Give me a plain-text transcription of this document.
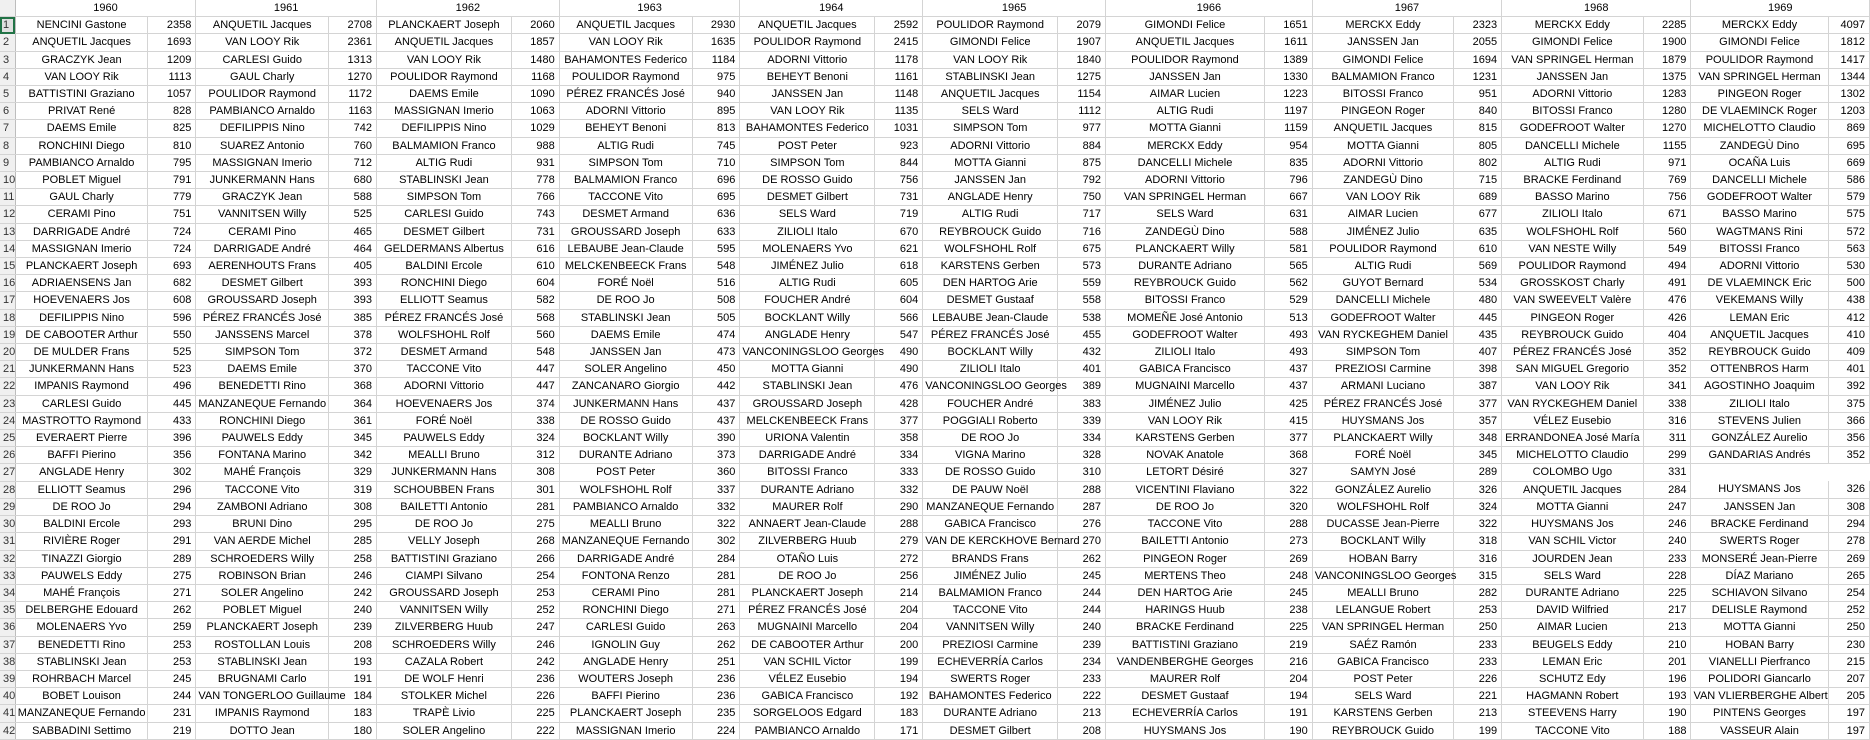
	1960		1961		1962		1963		1964		1965		1966		1967		1968		1969	
1	NENCINI Gastone	2358	ANQUETIL Jacques	2708	PLANCKAERT Joseph	2060	ANQUETIL Jacques	2930	ANQUETIL Jacques	2592	POULIDOR Raymond	2079	GIMONDI Felice	1651	MERCKX Eddy	2323	MERCKX Eddy	2285	MERCKX Eddy	4097
2	ANQUETIL Jacques	1693	VAN LOOY Rik	2361	ANQUETIL Jacques	1857	VAN LOOY Rik	1635	POULIDOR Raymond	2415	GIMONDI Felice	1907	ANQUETIL Jacques	1611	JANSSEN Jan	2055	GIMONDI Felice	1900	GIMONDI Felice	1812
3	GRACZYK Jean	1209	CARLESI Guido	1313	VAN LOOY Rik	1480	BAHAMONTES Federico	1184	ADORNI Vittorio	1178	VAN LOOY Rik	1840	POULIDOR Raymond	1389	GIMONDI Felice	1694	VAN SPRINGEL Herman	1879	POULIDOR Raymond	1417
4	VAN LOOY Rik	1113	GAUL Charly	1270	POULIDOR Raymond	1168	POULIDOR Raymond	975	BEHEYT Benoni	1161	STABLINSKI Jean	1275	JANSSEN Jan	1330	BALMAMION Franco	1231	JANSSEN Jan	1375	VAN SPRINGEL Herman	1344
5	BATTISTINI Graziano	1057	POULIDOR Raymond	1172	DAEMS Emile	1090	PÉREZ FRANCÉS José	940	JANSSEN Jan	1148	ANQUETIL Jacques	1154	AIMAR Lucien	1223	BITOSSI Franco	951	ADORNI Vittorio	1283	PINGEON Roger	1302
6	PRIVAT René	828	PAMBIANCO Arnaldo	1163	MASSIGNAN Imerio	1063	ADORNI Vittorio	895	VAN LOOY Rik	1135	SELS Ward	1112	ALTIG Rudi	1197	PINGEON Roger	840	BITOSSI Franco	1280	DE VLAEMINCK Roger	1203
7	DAEMS Emile	825	DEFILIPPIS Nino	742	DEFILIPPIS Nino	1029	BEHEYT Benoni	813	BAHAMONTES Federico	1031	SIMPSON Tom	977	MOTTA Gianni	1159	ANQUETIL Jacques	815	GODEFROOT Walter	1270	MICHELOTTO Claudio	869
8	RONCHINI Diego	810	SUAREZ Antonio	760	BALMAMION Franco	988	ALTIG Rudi	745	POST Peter	923	ADORNI Vittorio	884	MERCKX Eddy	954	MOTTA Gianni	805	DANCELLI Michele	1155	ZANDEGÙ Dino	695
9	PAMBIANCO Arnaldo	795	MASSIGNAN Imerio	712	ALTIG Rudi	931	SIMPSON Tom	710	SIMPSON Tom	844	MOTTA Gianni	875	DANCELLI Michele	835	ADORNI Vittorio	802	ALTIG Rudi	971	OCAÑA Luis	669
10	POBLET Miguel	791	JUNKERMANN Hans	680	STABLINSKI Jean	778	BALMAMION Franco	696	DE ROSSO Guido	756	JANSSEN Jan	792	ADORNI Vittorio	796	ZANDEGÙ Dino	715	BRACKE Ferdinand	769	DANCELLI Michele	586
11	GAUL Charly	779	GRACZYK Jean	588	SIMPSON Tom	766	TACCONE Vito	695	DESMET Gilbert	731	ANGLADE Henry	750	VAN SPRINGEL Herman	667	VAN LOOY Rik	689	BASSO Marino	756	GODEFROOT Walter	579
12	CERAMI Pino	751	VANNITSEN Willy	525	CARLESI Guido	743	DESMET Armand	636	SELS Ward	719	ALTIG Rudi	717	SELS Ward	631	AIMAR Lucien	677	ZILIOLI Italo	671	BASSO Marino	575
13	DARRIGADE André	724	CERAMI Pino	465	DESMET Gilbert	731	GROUSSARD Joseph	633	ZILIOLI Italo	670	REYBROUCK Guido	716	ZANDEGÙ Dino	588	JIMÉNEZ Julio	635	WOLFSHOHL Rolf	560	WAGTMANS Rini	572
14	MASSIGNAN Imerio	724	DARRIGADE André	464	GELDERMANS Albertus	616	LEBAUBE Jean-Claude	595	MOLENAERS Yvo	621	WOLFSHOHL Rolf	675	PLANCKAERT Willy	581	POULIDOR Raymond	610	VAN NESTE Willy	549	BITOSSI Franco	563
15	PLANCKAERT Joseph	693	AERENHOUTS Frans	405	BALDINI Ercole	610	MELCKENBEECK Frans	548	JIMÉNEZ Julio	618	KARSTENS Gerben	573	DURANTE Adriano	565	ALTIG Rudi	569	POULIDOR Raymond	494	ADORNI Vittorio	530
16	ADRIAENSENS Jan	682	DESMET Gilbert	393	RONCHINI Diego	604	FORÉ Noël	516	ALTIG Rudi	605	DEN HARTOG Arie	559	REYBROUCK Guido	562	GUYOT Bernard	534	GROSSKOST Charly	491	DE VLAEMINCK Eric	500
17	HOEVENAERS Jos	608	GROUSSARD Joseph	393	ELLIOTT Seamus	582	DE ROO Jo	508	FOUCHER André	604	DESMET Gustaaf	558	BITOSSI Franco	529	DANCELLI Michele	480	VAN SWEEVELT Valère	476	VEKEMANS Willy	438
18	DEFILIPPIS Nino	596	PÉREZ FRANCÉS José	385	PÉREZ FRANCÉS José	568	STABLINSKI Jean	505	BOCKLANT Willy	566	LEBAUBE Jean-Claude	538	MOMEÑE José Antonio	513	GODEFROOT Walter	445	PINGEON Roger	426	LEMAN Eric	412
19	DE CABOOTER Arthur	550	JANSSENS Marcel	378	WOLFSHOHL Rolf	560	DAEMS Emile	474	ANGLADE Henry	547	PÉREZ FRANCÉS José	455	GODEFROOT Walter	493	VAN RYCKEGHEM Daniel	435	REYBROUCK Guido	404	ANQUETIL Jacques	410
20	DE MULDER Frans	525	SIMPSON Tom	372	DESMET Armand	548	JANSSEN Jan	473	VANCONINGSLOO Georges	490	BOCKLANT Willy	432	ZILIOLI Italo	493	SIMPSON Tom	407	PÉREZ FRANCÉS José	352	REYBROUCK Guido	409
21	JUNKERMANN Hans	523	DAEMS Emile	370	TACCONE Vito	447	SOLER Angelino	450	MOTTA Gianni	490	ZILIOLI Italo	401	GABICA Francisco	437	PREZIOSI Carmine	398	SAN MIGUEL Gregorio	352	OTTENBROS Harm	401
22	IMPANIS Raymond	496	BENEDETTI Rino	368	ADORNI Vittorio	447	ZANCANARO Giorgio	442	STABLINSKI Jean	476	VANCONINGSLOO Georges	389	MUGNAINI Marcello	437	ARMANI Luciano	387	VAN LOOY Rik	341	AGOSTINHO Joaquim	392
23	CARLESI Guido	445	MANZANEQUE Fernando	364	HOEVENAERS Jos	374	JUNKERMANN Hans	437	GROUSSARD Joseph	428	FOUCHER André	383	JIMÉNEZ Julio	425	PÉREZ FRANCÉS José	377	VAN RYCKEGHEM Daniel	338	ZILIOLI Italo	375
24	MASTROTTO Raymond	433	RONCHINI Diego	361	FORÉ Noël	338	DE ROSSO Guido	437	MELCKENBEECK Frans	377	POGGIALI Roberto	339	VAN LOOY Rik	415	HUYSMANS Jos	357	VÉLEZ Eusebio	316	STEVENS Julien	366
25	EVERAERT Pierre	396	PAUWELS Eddy	345	PAUWELS Eddy	324	BOCKLANT Willy	390	URIONA Valentin	358	DE ROO Jo	334	KARSTENS Gerben	377	PLANCKAERT Willy	348	ERRANDONEA José María	311	GONZÁLEZ Aurelio	356
26	BAFFI Pierino	356	FONTANA Marino	342	MEALLI Bruno	312	DURANTE Adriano	373	DARRIGADE André	334	VIGNA Marino	328	NOVAK Anatole	368	FORÉ Noël	345	MICHELOTTO Claudio	299	GANDARIAS Andrés	352
27	ANGLADE Henry	302	MAHÉ François	329	JUNKERMANN Hans	308	POST Peter	360	BITOSSI Franco	333	DE ROSSO Guido	310	LETORT Désiré	327	SAMYN José	289	COLOMBO Ugo	331		
28	ELLIOTT Seamus	296	TACCONE Vito	319	SCHOUBBEN Frans	301	WOLFSHOHL Rolf	337	DURANTE Adriano	332	DE PAUW Noël	288	VICENTINI Flaviano	322	GONZÁLEZ Aurelio	326	ANQUETIL Jacques	284	HUYSMANS Jos	326
29	DE ROO Jo	294	ZAMBONI Adriano	308	BAILETTI Antonio	281	PAMBIANCO Arnaldo	332	MAURER Rolf	290	MANZANEQUE Fernando	287	DE ROO Jo	320	WOLFSHOHL Rolf	324	MOTTA Gianni	247	JANSSEN Jan	308
30	BALDINI Ercole	293	BRUNI Dino	295	DE ROO Jo	275	MEALLI Bruno	322	ANNAERT Jean-Claude	288	GABICA Francisco	276	TACCONE Vito	288	DUCASSE Jean-Pierre	322	HUYSMANS Jos	246	BRACKE Ferdinand	294
31	RIVIÈRE Roger	291	VAN AERDE Michel	285	VELLY Joseph	268	MANZANEQUE Fernando	302	ZILVERBERG Huub	279	VAN DE KERCKHOVE Bernard	270	BAILETTI Antonio	273	BOCKLANT Willy	318	VAN SCHIL Victor	240	SWERTS Roger	278
32	TINAZZI Giorgio	289	SCHROEDERS Willy	258	BATTISTINI Graziano	266	DARRIGADE André	284	OTAÑO Luis	272	BRANDS Frans	262	PINGEON Roger	269	HOBAN Barry	316	JOURDEN Jean	233	MONSERÉ Jean-Pierre	269
33	PAUWELS Eddy	275	ROBINSON Brian	246	CIAMPI Silvano	254	FONTONA Renzo	281	DE ROO Jo	256	JIMÉNEZ Julio	245	MERTENS Theo	248	VANCONINGSLOO Georges	315	SELS Ward	228	DÍAZ Mariano	265
34	MAHÉ François	271	SOLER Angelino	242	GROUSSARD Joseph	253	CERAMI Pino	281	PLANCKAERT Joseph	214	BALMAMION Franco	244	DEN HARTOG Arie	245	MEALLI Bruno	282	DURANTE Adriano	225	SCHIAVON Silvano	254
35	DELBERGHE Edouard	262	POBLET Miguel	240	VANNITSEN Willy	252	RONCHINI Diego	271	PÉREZ FRANCÉS José	204	TACCONE Vito	244	HARINGS Huub	238	LELANGUE Robert	253	DAVID Wilfried	217	DELISLE Raymond	252
36	MOLENAERS Yvo	259	PLANCKAERT Joseph	239	ZILVERBERG Huub	247	CARLESI Guido	263	MUGNAINI Marcello	204	VANNITSEN Willy	240	BRACKE Ferdinand	225	VAN SPRINGEL Herman	250	AIMAR Lucien	213	MOTTA Gianni	250
37	BENEDETTI Rino	253	ROSTOLLAN Louis	208	SCHROEDERS Willy	246	IGNOLIN Guy	262	DE CABOOTER Arthur	200	PREZIOSI Carmine	239	BATTISTINI Graziano	219	SAÉZ Ramón	233	BEUGELS Eddy	210	HOBAN Barry	230
38	STABLINSKI Jean	253	STABLINSKI Jean	193	CAZALA Robert	242	ANGLADE Henry	251	VAN SCHIL Victor	199	ECHEVERRÍA Carlos	234	VANDENBERGHE Georges	216	GABICA Francisco	233	LEMAN Eric	201	VIANELLI Pierfranco	215
39	ROHRBACH Marcel	245	BRUGNAMI Carlo	191	DE WOLF Henri	236	WOUTERS Joseph	236	VÉLEZ Eusebio	194	SWERTS Roger	233	MAURER Rolf	204	POST Peter	226	SCHUTZ Edy	196	POLIDORI Giancarlo	207
40	BOBET Louison	244	VAN TONGERLOO Guillaume	184	STOLKER Michel	226	BAFFI Pierino	236	GABICA Francisco	192	BAHAMONTES Federico	222	DESMET Gustaaf	194	SELS Ward	221	HAGMANN Robert	193	VAN VLIERBERGHE Albert	205
41	MANZANEQUE Fernando	231	IMPANIS Raymond	183	TRAPÈ Livio	225	PLANCKAERT Joseph	235	SORGELOOS Edgard	183	DURANTE Adriano	213	ECHEVERRÍA Carlos	191	KARSTENS Gerben	213	STEEVENS Harry	190	PINTENS Georges	197
42	SABBADINI Settimo	219	DOTTO Jean	180	SOLER Angelino	222	MASSIGNAN Imerio	224	PAMBIANCO Arnaldo	171	DESMET Gilbert	208	HUYSMANS Jos	190	REYBROUCK Guido	199	TACCONE Vito	188	VASSEUR Alain	197
